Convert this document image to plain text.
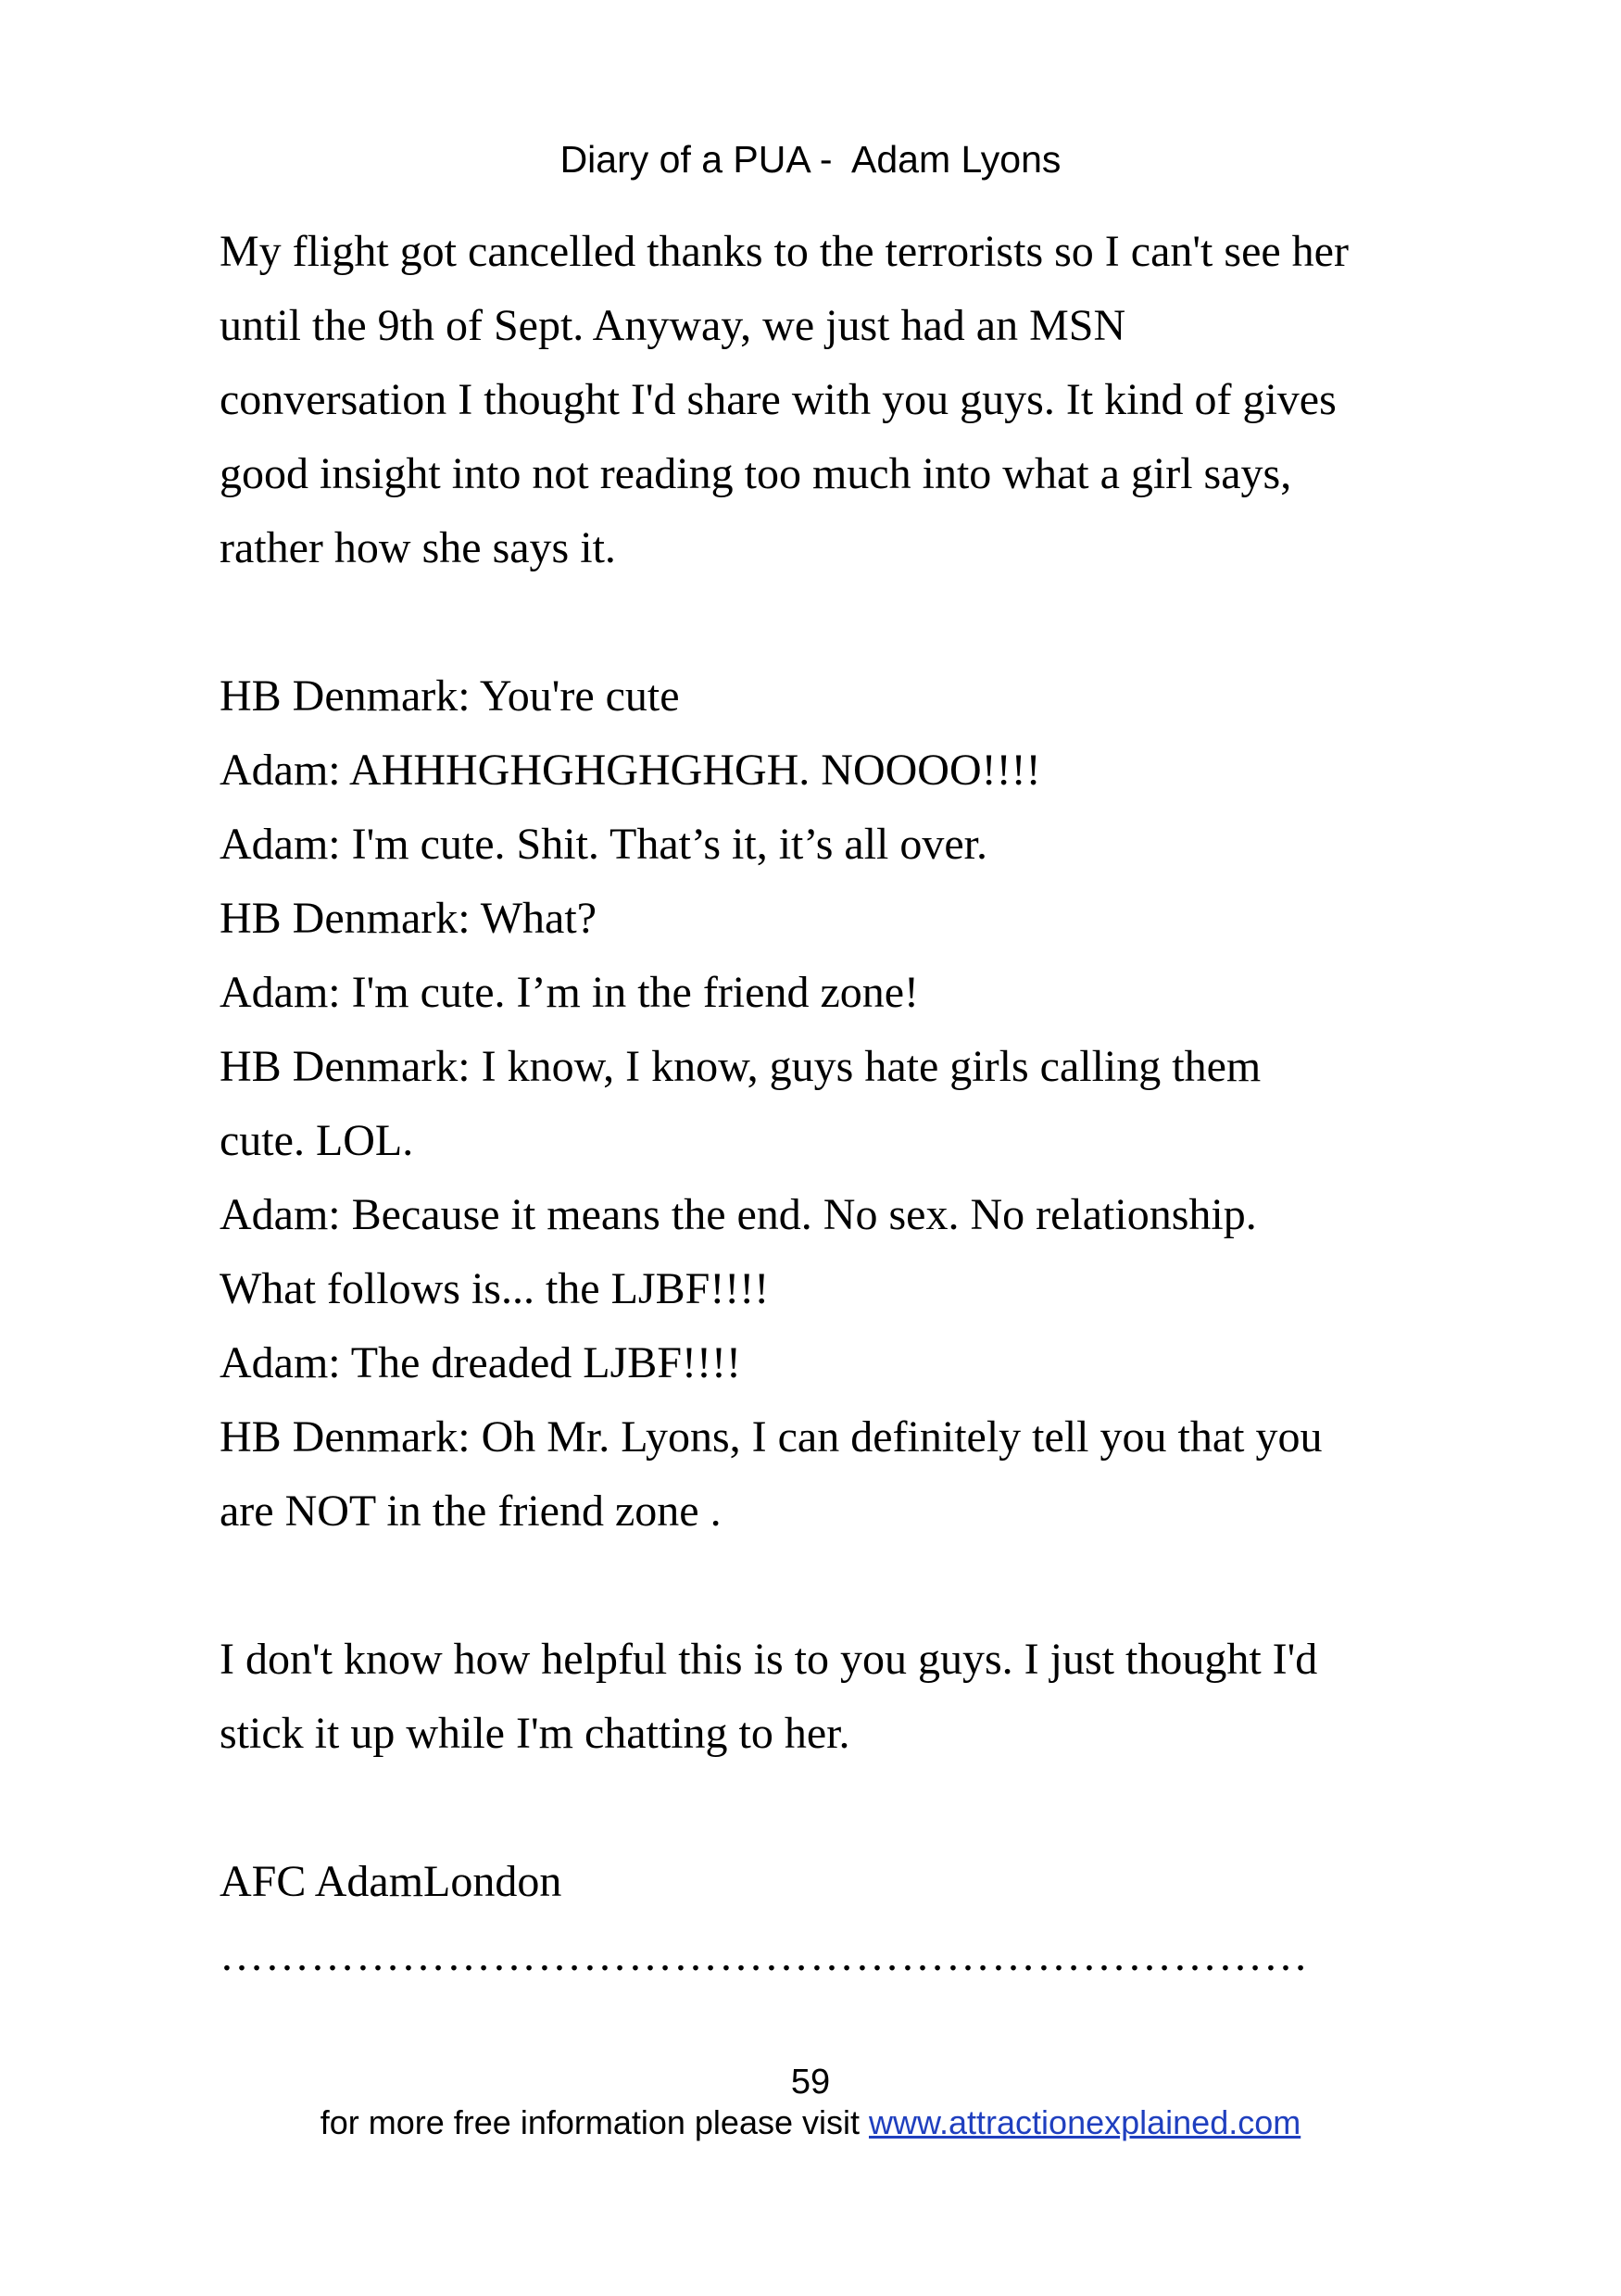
Diary of a PUA -  Adam Lyons
My flight got cancelled thanks to the terrorists so I can't see her
until the 9th of Sept. Anyway, we just had an MSN
conversation I thought I'd share with you guys. It kind of gives
good insight into not reading too much into what a girl says,
rather how she says it.
HB Denmark: You're cute
Adam: AHHHGHGHGHGHGH. NOOOO!!!!
Adam: I'm cute. Shit. That’s it, it’s all over.
HB Denmark: What?
Adam: I'm cute. I’m in the friend zone!
HB Denmark: I know, I know, guys hate girls calling them
cute. LOL.
Adam: Because it means the end. No sex. No relationship.
What follows is... the LJBF!!!!
Adam: The dreaded LJBF!!!!
HB Denmark: Oh Mr. Lyons, I can definitely tell you that you
are NOT in the friend zone .
I don't know how helpful this is to you guys. I just thought I'd
stick it up while I'm chatting to her.
AFC AdamLondon
………………………………………………………………
59
for more free information please visit www.attractionexplained.com
